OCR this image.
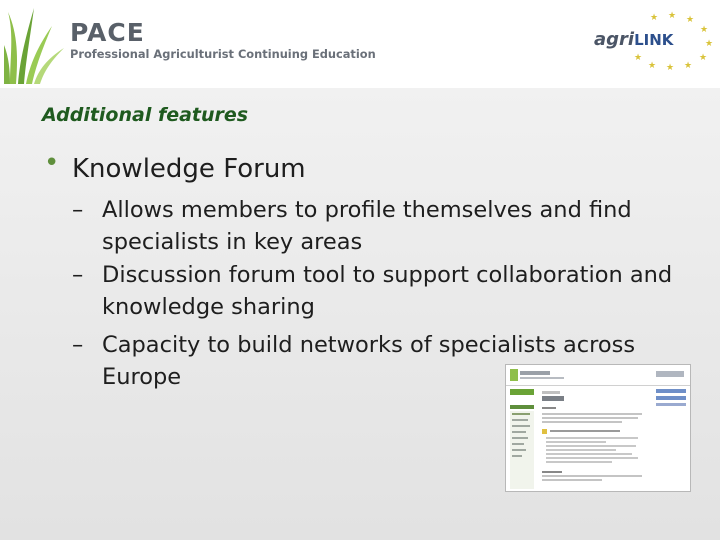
PACE
Professional Agriculturist Continuing Education
★ ★ ★
★
★
★
★
★
★
★
agriLINK
Additional features
• Knowledge Forum
– Allows members to profile themselves and find specialists in key areas
– Discussion forum tool to support collaboration and knowledge sharing
– Capacity to build networks of specialists across Europe
